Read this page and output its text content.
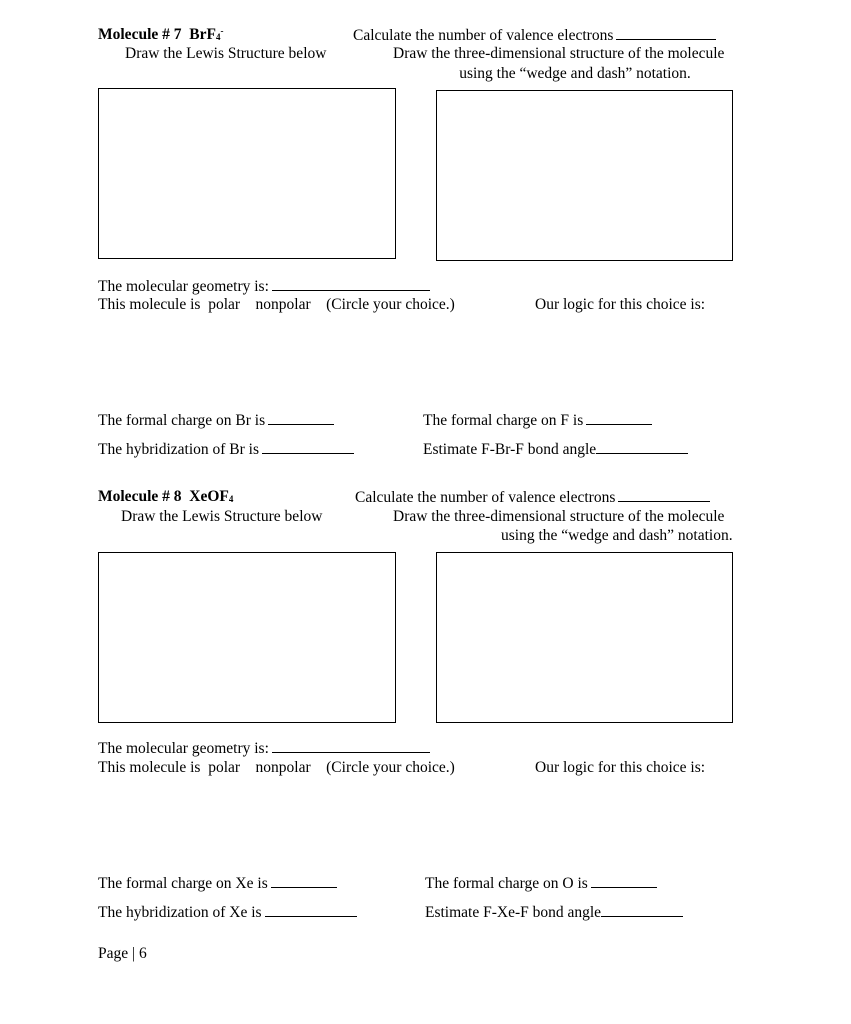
Molecule # 7 BrF$_4$-	Calculate the number of valence electrons
Draw the Lewis Structure below	Draw the three-dimensional structure of the molecule
using the “wedge and dash” notation.
The molecular geometry is:
This molecule is  polar    nonpolar    (Circle your choice.)	Our logic for this choice is:
The formal charge on Br is	The formal charge on F is
The hybridization of Br is	Estimate F-Br-F bond angle
Molecule # 8 XeOF$_4$	Calculate the number of valence electrons
Draw the Lewis Structure below	Draw the three-dimensional structure of the molecule
using the “wedge and dash” notation.
The molecular geometry is:
This molecule is  polar    nonpolar    (Circle your choice.)	Our logic for this choice is:
The formal charge on Xe is	The formal charge on O is
The hybridization of Xe is	Estimate F-Xe-F bond angle
Page | 6
